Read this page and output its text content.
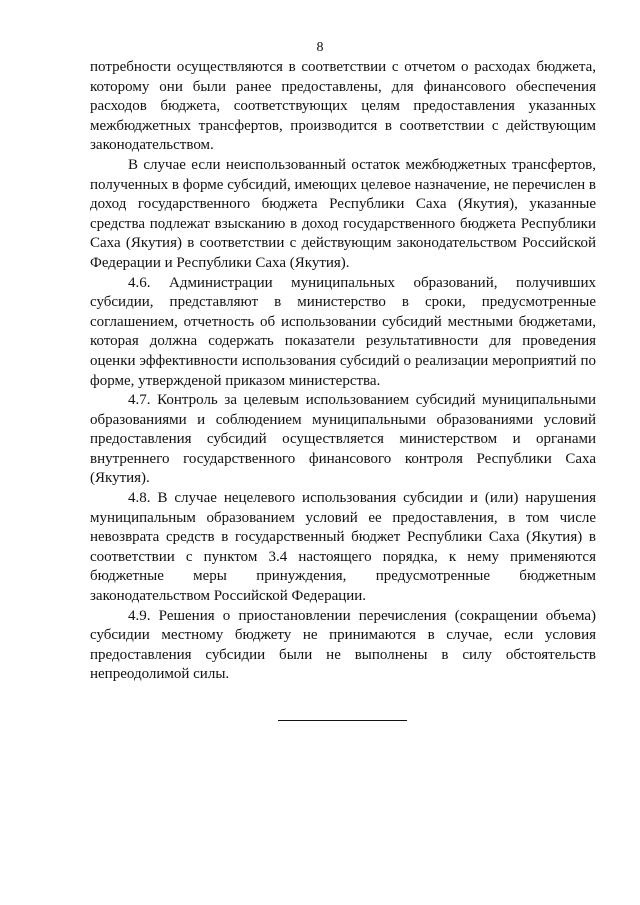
8

потребности осуществляются в соответствии с отчетом о расходах бюджета, которому они были ранее предоставлены, для финансового обеспечения расходов бюджета, соответствующих целям предоставления указанных межбюджетных трансфертов, производится в соответствии с действующим законодательством.

В случае если неиспользованный остаток межбюджетных трансфертов, полученных в форме субсидий, имеющих целевое назначение, не перечислен в доход государственного бюджета Республики Саха (Якутия), указанные средства подлежат взысканию в доход государственного бюджета Республики Саха (Якутия) в соответствии с действующим законодательством Российской Федерации и Республики Саха (Якутия).

4.6. Администрации муниципальных образований, получивших субсидии, представляют в министерство в сроки, предусмотренные соглашением, отчетность об использовании субсидий местными бюджетами, которая должна содержать показатели результативности для проведения оценки эффективности использования субсидий о реализации мероприятий по форме, утвержденой приказом министерства.

4.7. Контроль за целевым использованием субсидий муниципальными образованиями и соблюдением муниципальными образованиями условий предоставления субсидий осуществляется министерством и органами внутреннего государственного финансового контроля Республики Саха (Якутия).

4.8. В случае нецелевого использования субсидии и (или) нарушения муниципальным образованием условий ее предоставления, в том числе невозврата средств в государственный бюджет Республики Саха (Якутия) в соответствии с пунктом 3.4 настоящего порядка, к нему применяются бюджетные меры принуждения, предусмотренные бюджетным законодательством Российской Федерации.

4.9. Решения о приостановлении перечисления (сокращении объема) субсидии местному бюджету не принимаются в случае, если условия предоставления субсидии были не выполнены в силу обстоятельств непреодолимой силы.
